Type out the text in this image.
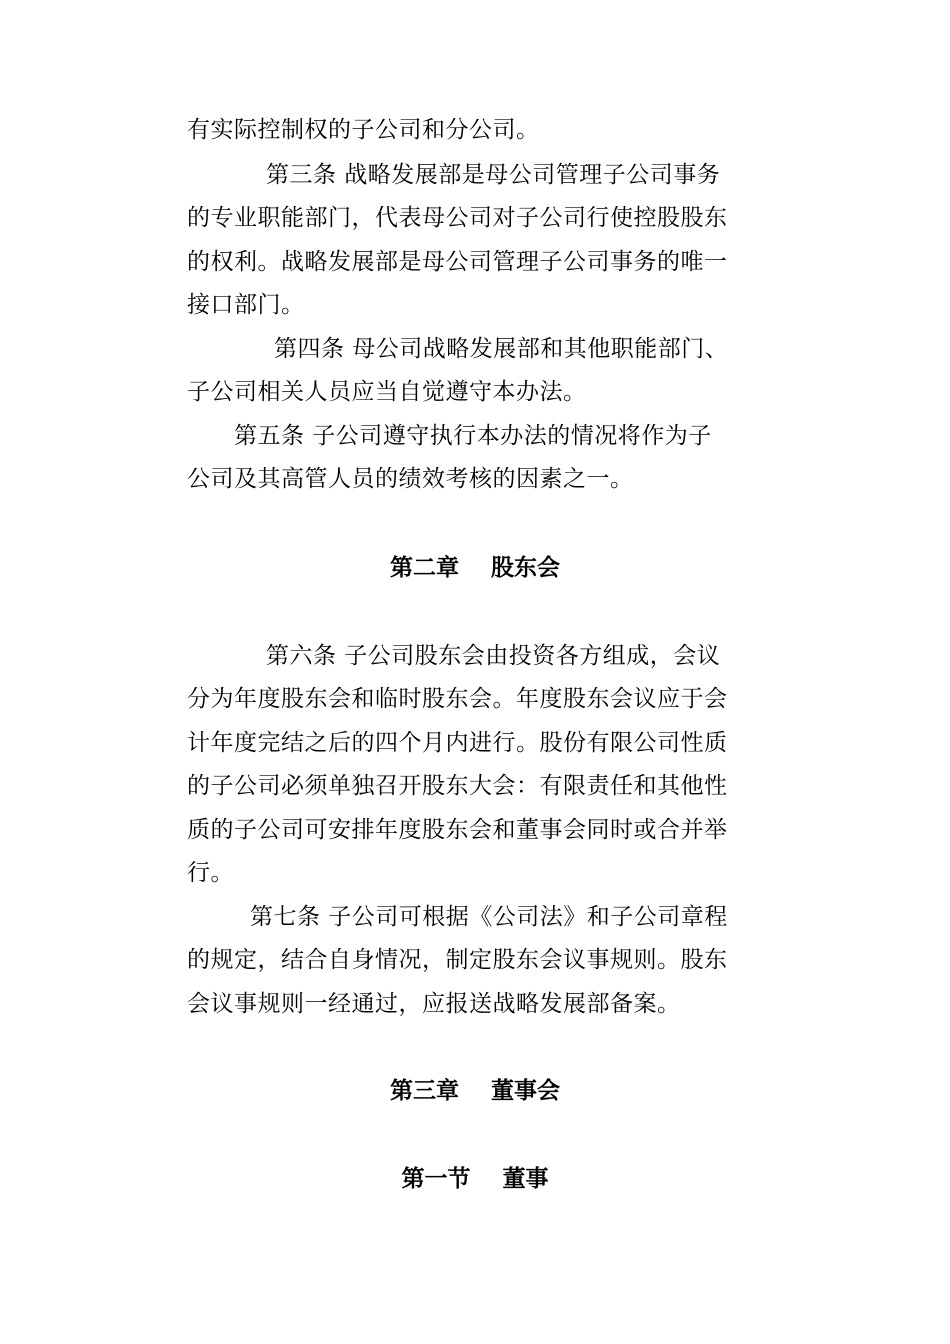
有实际控制权的子公司和分公司。
第三条 战略发展部是母公司管理子公司事务
的专业职能部门，代表母公司对子公司行使控股股东
的权利。战略发展部是母公司管理子公司事务的唯一
接口部门。
第四条 母公司战略发展部和其他职能部门、
子公司相关人员应当自觉遵守本办法。
第五条 子公司遵守执行本办法的情况将作为子
公司及其高管人员的绩效考核的因素之一。
第二章    股东会
第六条 子公司股东会由投资各方组成，会议
分为年度股东会和临时股东会。年度股东会议应于会
计年度完结之后的四个月内进行。股份有限公司性质
的子公司必须单独召开股东大会：有限责任和其他性
质的子公司可安排年度股东会和董事会同时或合并举
行。
第七条 子公司可根据《公司法》和子公司章程
的规定，结合自身情况，制定股东会议事规则。股东
会议事规则一经通过，应报送战略发展部备案。
第三章    董事会
第一节    董事
